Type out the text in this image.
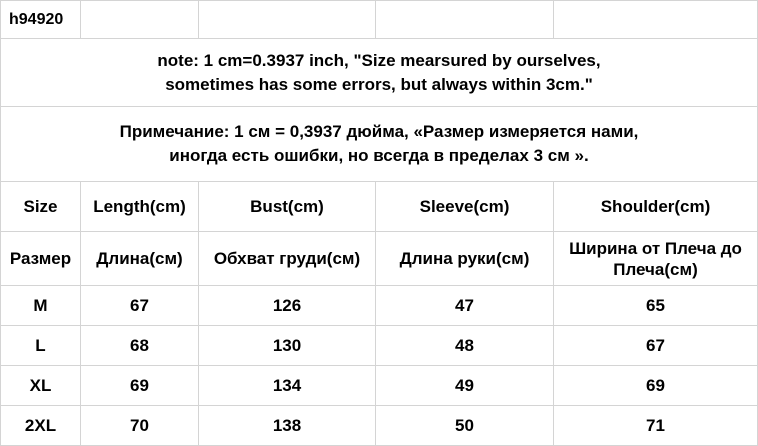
h94920				

note: 1 cm=0.3937 inch, "Size mearsured by ourselves,
sometimes has some errors, but always within 3cm."				

Примечание: 1 см = 0,3937 дюйма, «Размер измеряется нами,
иногда есть ошибки, но всегда в пределах 3 см ».				

Size	Length(cm)	Bust(cm)	Sleeve(cm)	Shoulder(cm)
Размер	Длина(см)	Обхват груди(см)	Длина руки(см)	Ширина от Плеча до
Плеча(см)

M	67	126	47	65
L	68	130	48	67
XL	69	134	49	69
2XL	70	138	50	71
